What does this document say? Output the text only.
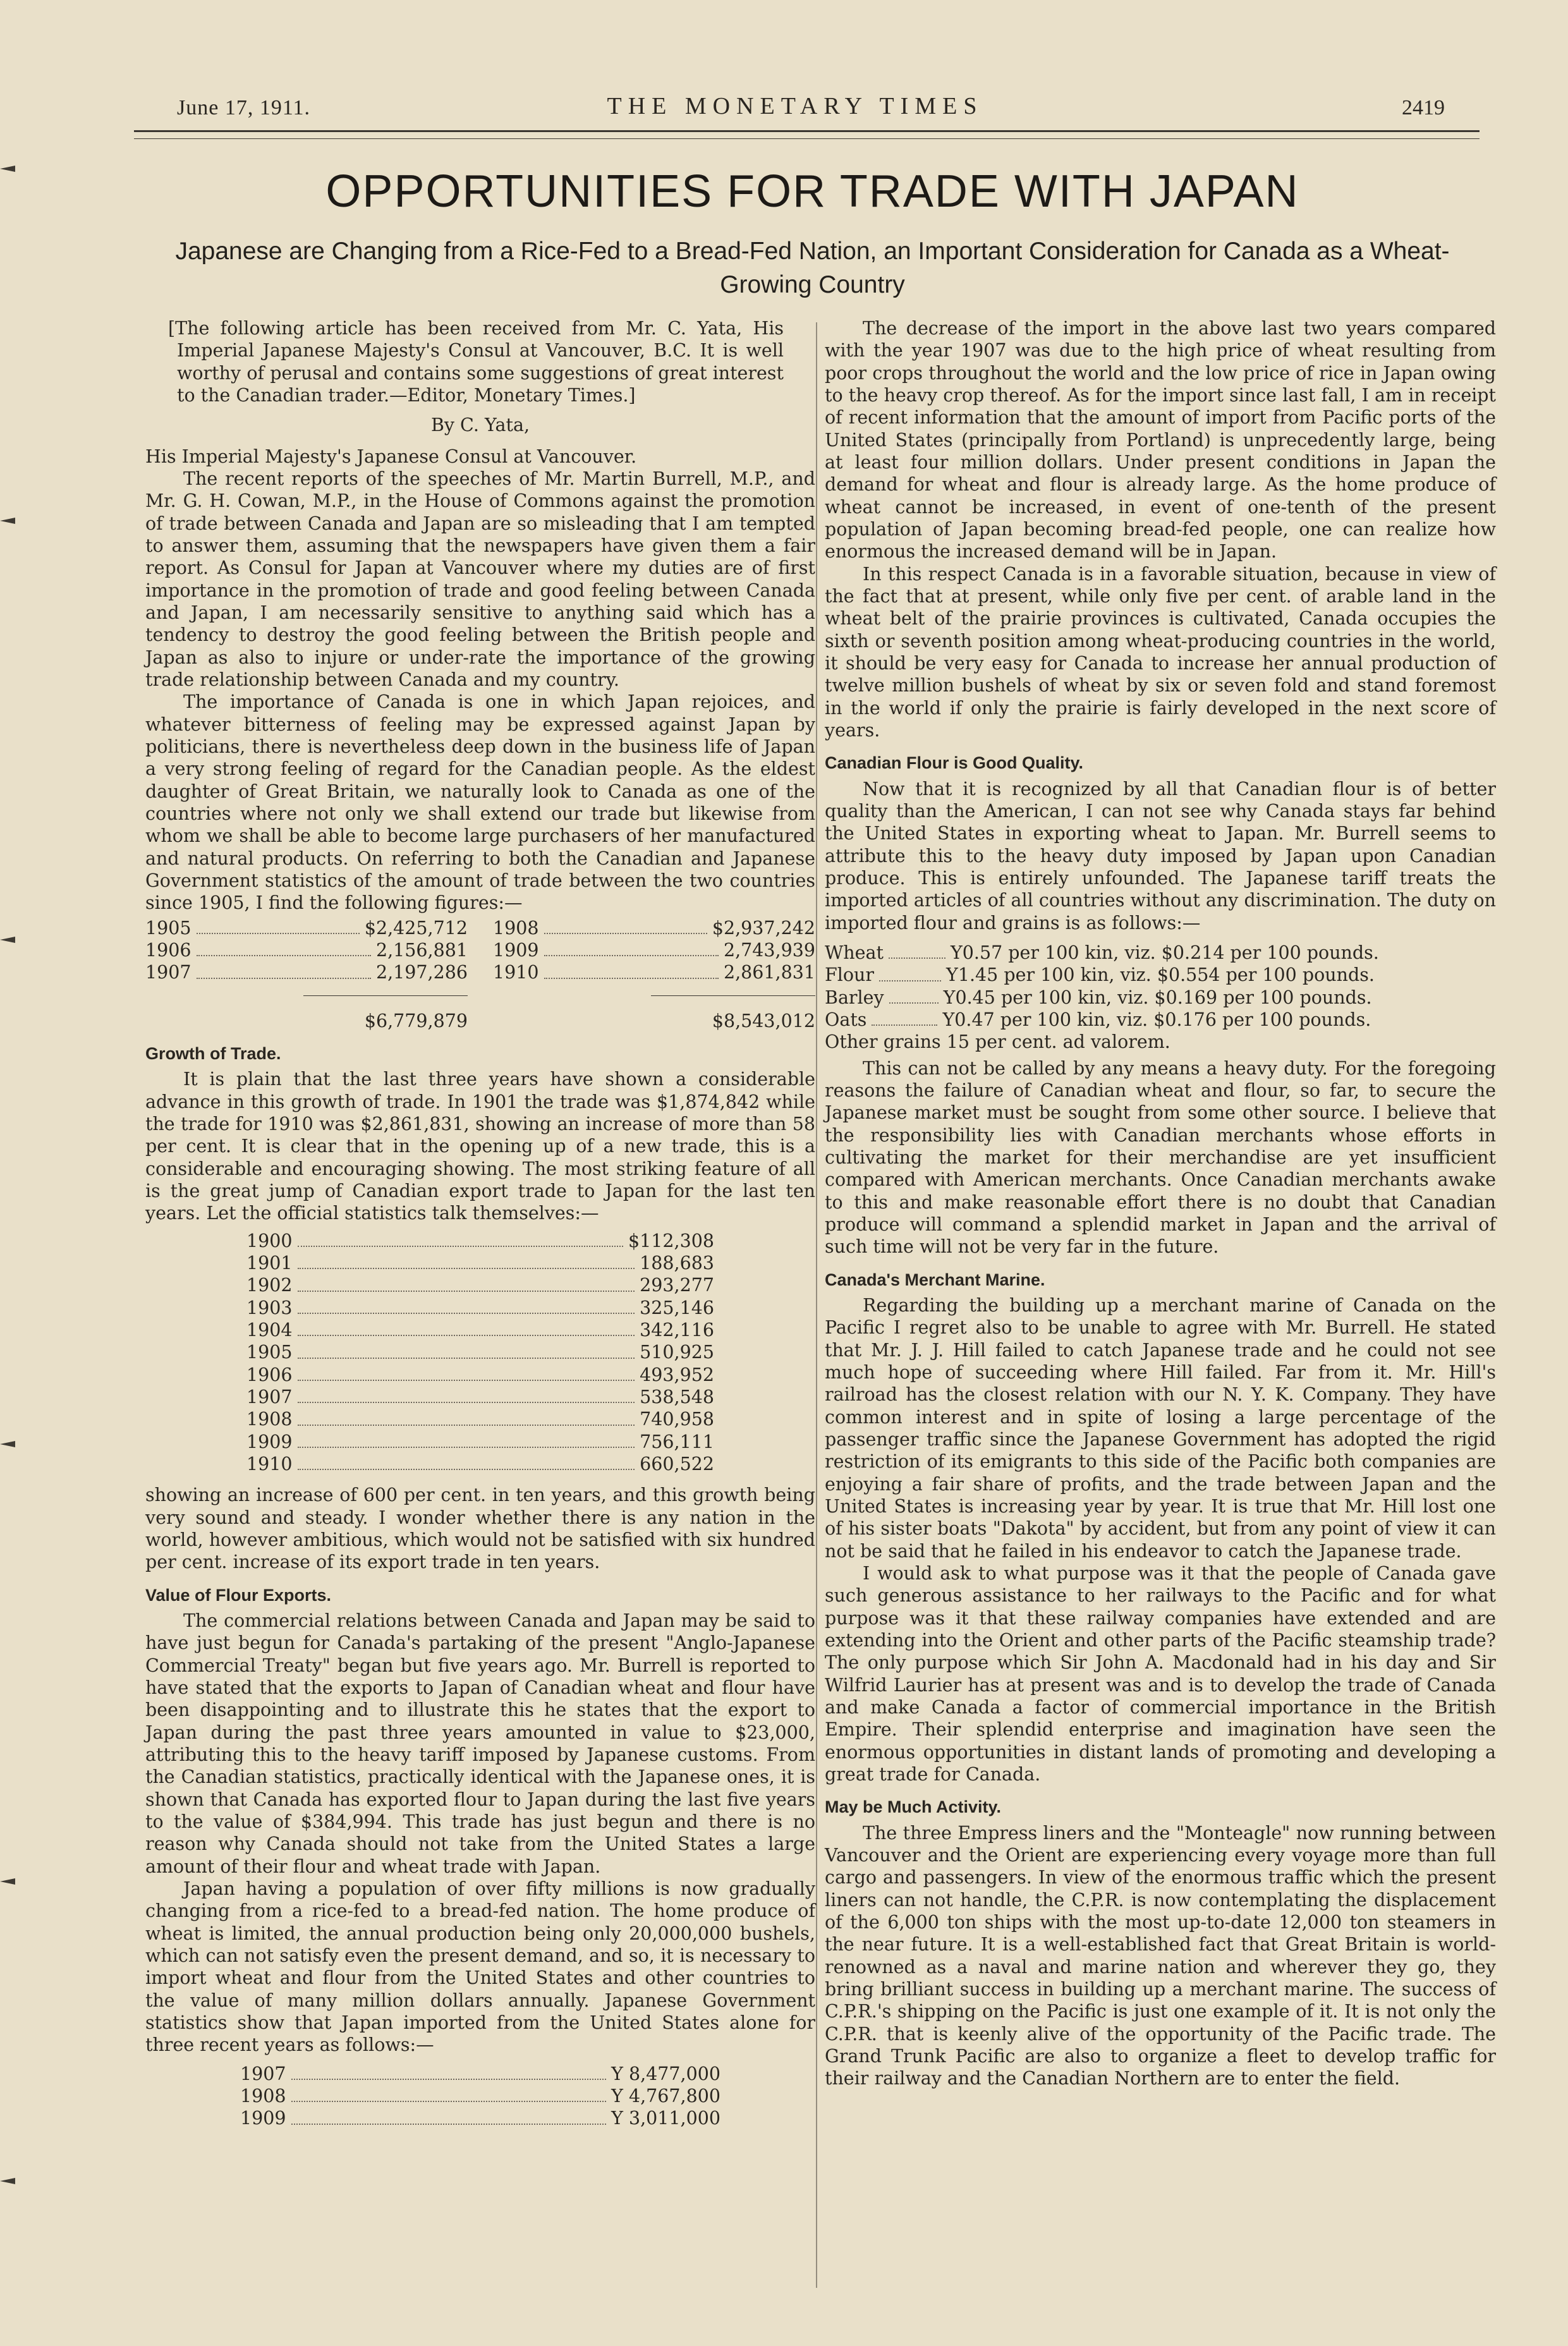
June 17, 1911.	THE MONETARY TIMES	2419
OPPORTUNITIES FOR TRADE WITH JAPAN
Japanese are Changing from a Rice-Fed to a Bread-Fed Nation, an Important Consideration for Canada as a Wheat-Growing Country

[The following article has been received from Mr. C. Yata, His Imperial Japanese Majesty's Consul at Vancouver, B.C. It is well worthy of perusal and contains some suggestions of great interest to the Canadian trader.—Editor, Monetary Times.]

By C. Yata,

His Imperial Majesty's Japanese Consul at Vancouver.

The recent reports of the speeches of Mr. Martin Burrell, M.P., and Mr. G. H. Cowan, M.P., in the House of Commons against the promotion of trade between Canada and Japan are so misleading that I am tempted to answer them, assuming that the newspapers have given them a fair report. As Consul for Japan at Vancouver where my duties are of first importance in the promotion of trade and good feeling between Canada and Japan, I am necessarily sensitive to anything said which has a tendency to destroy the good feeling between the British people and Japan as also to injure or under-rate the importance of the growing trade relationship between Canada and my country.

The importance of Canada is one in which Japan rejoices, and whatever bitterness of feeling may be expressed against Japan by politicians, there is nevertheless deep down in the business life of Japan a very strong feeling of regard for the Canadian people. As the eldest daughter of Great Britain, we naturally look to Canada as one of the countries where not only we shall extend our trade but likewise from whom we shall be able to become large purchasers of her manufactured and natural products. On referring to both the Canadian and Japanese Government statistics of the amount of trade between the two countries since 1905, I find the following figures:—

1905	$2,425,712
1906	2,156,881
1907	2,197,286
$6,779,879
1908	$2,937,242
1909	2,743,939
1910	2,861,831
$8,543,012
Growth of Trade.

It is plain that the last three years have shown a considerable advance in this growth of trade. In 1901 the trade was $1,874,842 while the trade for 1910 was $2,861,831, showing an increase of more than 58 per cent. It is clear that in the opening up of a new trade, this is a considerable and encouraging showing. The most striking feature of all is the great jump of Canadian export trade to Japan for the last ten years. Let the official statistics talk themselves:—

1900	$112,308
1901	188,683
1902	293,277
1903	325,146
1904	342,116
1905	510,925
1906	493,952
1907	538,548
1908	740,958
1909	756,111
1910	660,522

showing an increase of 600 per cent. in ten years, and this growth being very sound and steady. I wonder whether there is any nation in the world, however ambitious, which would not be satisfied with six hundred per cent. increase of its export trade in ten years.

Value of Flour Exports.

The commercial relations between Canada and Japan may be said to have just begun for Canada's partaking of the present "Anglo-Japanese Commercial Treaty" began but five years ago. Mr. Burrell is reported to have stated that the exports to Japan of Canadian wheat and flour have been disappointing and to illustrate this he states that the export to Japan during the past three years amounted in value to $23,000, attributing this to the heavy tariff imposed by Japanese customs. From the Canadian statistics, practically identical with the Japanese ones, it is shown that Canada has exported flour to Japan during the last five years to the value of $384,994. This trade has just begun and there is no reason why Canada should not take from the United States a large amount of their flour and wheat trade with Japan.

Japan having a population of over fifty millions is now gradually changing from a rice-fed to a bread-fed nation. The home produce of wheat is limited, the annual production being only 20,000,000 bushels, which can not satisfy even the present demand, and so, it is necessary to import wheat and flour from the United States and other countries to the value of many million dollars annually. Japanese Government statistics show that Japan imported from the United States alone for three recent years as follows:—

1907	Y 8,477,000
1908	Y 4,767,800
1909	Y 3,011,000

The decrease of the import in the above last two years compared with the year 1907 was due to the high price of wheat resulting from poor crops throughout the world and the low price of rice in Japan owing to the heavy crop thereof. As for the import since last fall, I am in receipt of recent information that the amount of import from Pacific ports of the United States (principally from Portland) is unprecedently large, being at least four million dollars. Under present conditions in Japan the demand for wheat and flour is already large. As the home produce of wheat cannot be increased, in event of one-tenth of the present population of Japan becoming bread-fed people, one can realize how enormous the increased demand will be in Japan.

In this respect Canada is in a favorable situation, because in view of the fact that at present, while only five per cent. of arable land in the wheat belt of the prairie provinces is cultivated, Canada occupies the sixth or seventh position among wheat-producing countries in the world, it should be very easy for Canada to increase her annual production of twelve million bushels of wheat by six or seven fold and stand foremost in the world if only the prairie is fairly developed in the next score of years.

Canadian Flour is Good Quality.

Now that it is recognized by all that Canadian flour is of better quality than the American, I can not see why Canada stays far behind the United States in exporting wheat to Japan. Mr. Burrell seems to attribute this to the heavy duty imposed by Japan upon Canadian produce. This is entirely unfounded. The Japanese tariff treats the imported articles of all countries without any discrimination. The duty on imported flour and grains is as follows:—

Wheat	Y0.57 per 100 kin, viz. $0.214 per 100 pounds.
Flour	Y1.45 per 100 kin, viz. $0.554 per 100 pounds.
Barley	Y0.45 per 100 kin, viz. $0.169 per 100 pounds.
Oats	Y0.47 per 100 kin, viz. $0.176 per 100 pounds.
Other grains 15 per cent. ad valorem.

This can not be called by any means a heavy duty. For the foregoing reasons the failure of Canadian wheat and flour, so far, to secure the Japanese market must be sought from some other source. I believe that the responsibility lies with Canadian merchants whose efforts in cultivating the market for their merchandise are yet insufficient compared with American merchants. Once Canadian merchants awake to this and make reasonable effort there is no doubt that Canadian produce will command a splendid market in Japan and the arrival of such time will not be very far in the future.

Canada's Merchant Marine.

Regarding the building up a merchant marine of Canada on the Pacific I regret also to be unable to agree with Mr. Burrell. He stated that Mr. J. J. Hill failed to catch Japanese trade and he could not see much hope of succeeding where Hill failed. Far from it. Mr. Hill's railroad has the closest relation with our N. Y. K. Company. They have common interest and in spite of losing a large percentage of the passenger traffic since the Japanese Government has adopted the rigid restriction of its emigrants to this side of the Pacific both companies are enjoying a fair share of profits, and the trade between Japan and the United States is increasing year by year. It is true that Mr. Hill lost one of his sister boats "Dakota" by accident, but from any point of view it can not be said that he failed in his endeavor to catch the Japanese trade.

I would ask to what purpose was it that the people of Canada gave such generous assistance to her railways to the Pacific and for what purpose was it that these railway companies have extended and are extending into the Orient and other parts of the Pacific steamship trade? The only purpose which Sir John A. Macdonald had in his day and Sir Wilfrid Laurier has at present was and is to develop the trade of Canada and make Canada a factor of commercial importance in the British Empire. Their splendid enterprise and imagination have seen the enormous opportunities in distant lands of promoting and developing a great trade for Canada.

May be Much Activity.

The three Empress liners and the "Monteagle" now running between Vancouver and the Orient are experiencing every voyage more than full cargo and passengers. In view of the enormous traffic which the present liners can not handle, the C.P.R. is now contemplating the displacement of the 6,000 ton ships with the most up-to-date 12,000 ton steamers in the near future. It is a well-established fact that Great Britain is world-renowned as a naval and marine nation and wherever they go, they bring brilliant success in building up a merchant marine. The success of C.P.R.'s shipping on the Pacific is just one example of it. It is not only the C.P.R. that is keenly alive of the opportunity of the Pacific trade. The Grand Trunk Pacific are also to organize a fleet to develop traffic for their railway and the Canadian Northern are to enter the field.
